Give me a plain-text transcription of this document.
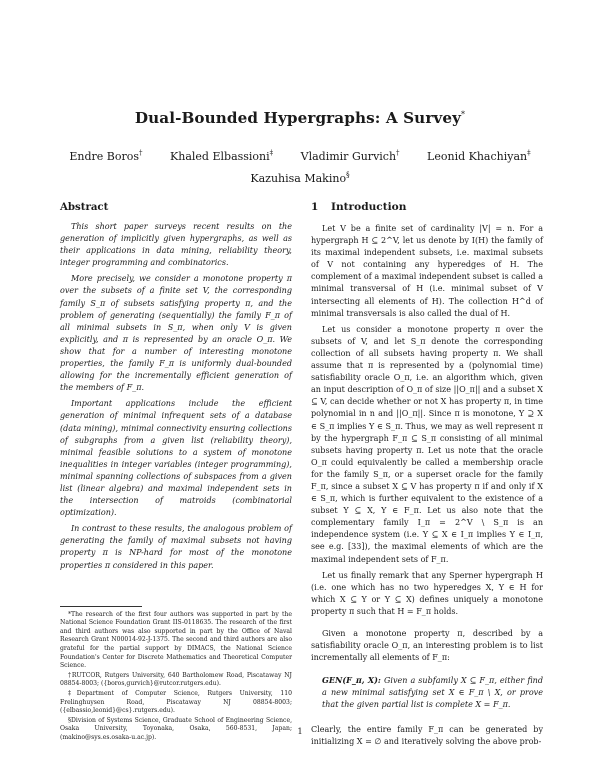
Dual-Bounded Hypergraphs: A Survey*
Endre Boros†	Khaled Elbassioni‡	Vladimir Gurvich†	Leonid Khachiyan‡
Kazuhisa Makino§
Abstract

This short paper surveys recent results on the generation of implicitly given hypergraphs, as well as their applications in data mining, reliability theory, integer programming and combinatorics.

More precisely, we consider a monotone property π over the subsets of a finite set V, the corresponding family S_π of subsets satisfying property π, and the problem of generating (sequentially) the family F_π of all minimal subsets in S_π, when only V is given explicitly, and π is represented by an oracle O_π. We show that for a number of interesting monotone properties, the family F_π is uniformly dual-bounded allowing for the incrementally efficient generation of the members of F_π.

Important applications include the efficient generation of minimal infrequent sets of a database (data mining), minimal connectivity ensuring collections of subgraphs from a given list (reliability theory), minimal feasible solutions to a system of monotone inequalities in integer variables (integer programming), minimal spanning collections of subspaces from a given list (linear algebra) and maximal independent sets in the intersection of matroids (combinatorial optimization).

In contrast to these results, the analogous problem of generating the family of maximal subsets not having property π is NP-hard for most of the monotone properties π considered in this paper.

*The research of the first four authors was supported in part by the National Science Foundation Grant IIS-0118635. The research of the first and third authors was also supported in part by the Office of Naval Research Grant N00014-92-J-1375. The second and third authors are also grateful for the partial support by DIMACS, the National Science Foundation's Center for Discrete Mathematics and Theoretical Computer Science.
†RUTCOR, Rutgers University, 640 Bartholomew Road, Piscataway NJ 08854-8003; ({boros,gurvich}@rutcor.rutgers.edu).
‡Department of Computer Science, Rutgers University, 110 Frelinghuysen Road, Piscataway NJ 08854-8003; ({elbassio,leonid}@cs}.rutgers.edu).
§Division of Systems Science, Graduate School of Engineering Science, Osaka University, Toyonaka, Osaka, 560-8531, Japan; (makino@sys.es.osaka-u.ac.jp).
1 Introduction

Let V be a finite set of cardinality |V| = n. For a hypergraph H ⊆ 2^V, let us denote by I(H) the family of its maximal independent subsets, i.e. maximal subsets of V not containing any hyperedges of H. The complement of a maximal independent subset is called a minimal transversal of H (i.e. minimal subset of V intersecting all elements of H). The collection H^d of minimal transversals is also called the dual of H.

Let us consider a monotone property π over the subsets of V, and let S_π denote the corresponding collection of all subsets having property π. We shall assume that π is represented by a (polynomial time) satisfiability oracle O_π, i.e. an algorithm which, given an input description of O_π of size ||O_π|| and a subset X ⊆ V, can decide whether or not X has property π, in time polynomial in n and ||O_π||. Since π is monotone, Y ⊇ X ∈ S_π implies Y ∈ S_π. Thus, we may as well represent π by the hypergraph F_π ⊆ S_π consisting of all minimal subsets having property π. Let us note that the oracle O_π could equivalently be called a membership oracle for the family S_π, or a superset oracle for the family F_π, since a subset X ⊆ V has property π if and only if X ∈ S_π, which is further equivalent to the existence of a subset Y ⊆ X, Y ∈ F_π. Let us also note that the complementary family I_π = 2^V \ S_π is an independence system (i.e. Y ⊆ X ∈ I_π implies Y ∈ I_π, see e.g. [33]), the maximal elements of which are the maximal independent sets of F_π.

Let us finally remark that any Sperner hypergraph H (i.e. one which has no two hyperedges X, Y ∈ H for which X ⊆ Y or Y ⊆ X) defines uniquely a monotone property π such that H = F_π holds.

Given a monotone property π, described by a satisfiability oracle O_π, an interesting problem is to list incrementally all elements of F_π:

GEN(F_π, X): Given a subfamily X ⊆ F_π, either find a new minimal satisfying set X ∈ F_π \ X, or prove that the given partial list is complete X = F_π.

Clearly, the entire family F_π can be generated by initializing X = ∅ and iteratively solving the above prob-

1
